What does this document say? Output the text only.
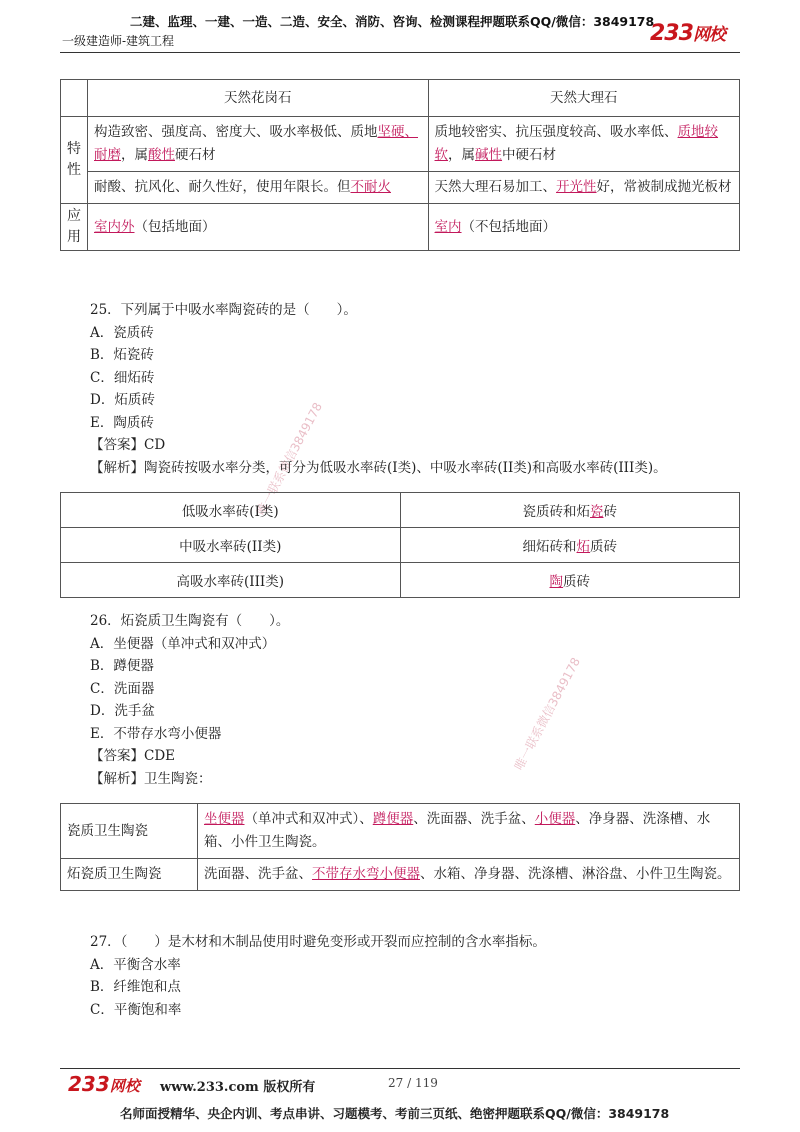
二建、监理、一建、一造、二造、安全、消防、咨询、检测课程押题联系QQ/微信：3849178
一级建造师-建筑工程	233网校
唯一联系微信3849178
唯一联系微信3849178
	天然花岗石	天然大理石
特
性	构造致密、强度高、密度大、吸水率极低、质地坚硬、耐磨，属酸性硬石材	质地较密实、抗压强度较高、吸水率低、质地较软，属碱性中硬石材
	耐酸、抗风化、耐久性好，使用年限长。但不耐火	天然大理石易加工、开光性好，常被制成抛光板材
应
用	室内外（包括地面）	室内（不包括地面）
25．下列属于中吸水率陶瓷砖的是（　　）。
A．瓷质砖
B．炻瓷砖
C．细炻砖
D．炻质砖
E．陶质砖
【答案】CD
【解析】陶瓷砖按吸水率分类，可分为低吸水率砖(I类)、中吸水率砖(II类)和高吸水率砖(III类)。
低吸水率砖(I类)	瓷质砖和炻瓷砖
中吸水率砖(II类)	细炻砖和炻质砖
高吸水率砖(III类)	陶质砖
26．炻瓷质卫生陶瓷有（　　）。
A．坐便器（单冲式和双冲式）
B．蹲便器
C．洗面器
D．洗手盆
E．不带存水弯小便器
【答案】CDE
【解析】卫生陶瓷：
瓷质卫生陶瓷	坐便器（单冲式和双冲式）、蹲便器、洗面器、洗手盆、小便器、净身器、洗涤槽、水箱、小件卫生陶瓷。
炻瓷质卫生陶瓷	洗面器、洗手盆、不带存水弯小便器、水箱、净身器、洗涤槽、淋浴盘、小件卫生陶瓷。
27．（　　）是木材和木制品使用时避免变形或开裂而应控制的含水率指标。
A．平衡含水率
B．纤维饱和点
C．平衡饱和率
233网校 www.233.com 版权所有	27 / 119
名师面授精华、央企内训、考点串讲、习题模考、考前三页纸、绝密押题联系QQ/微信：3849178
